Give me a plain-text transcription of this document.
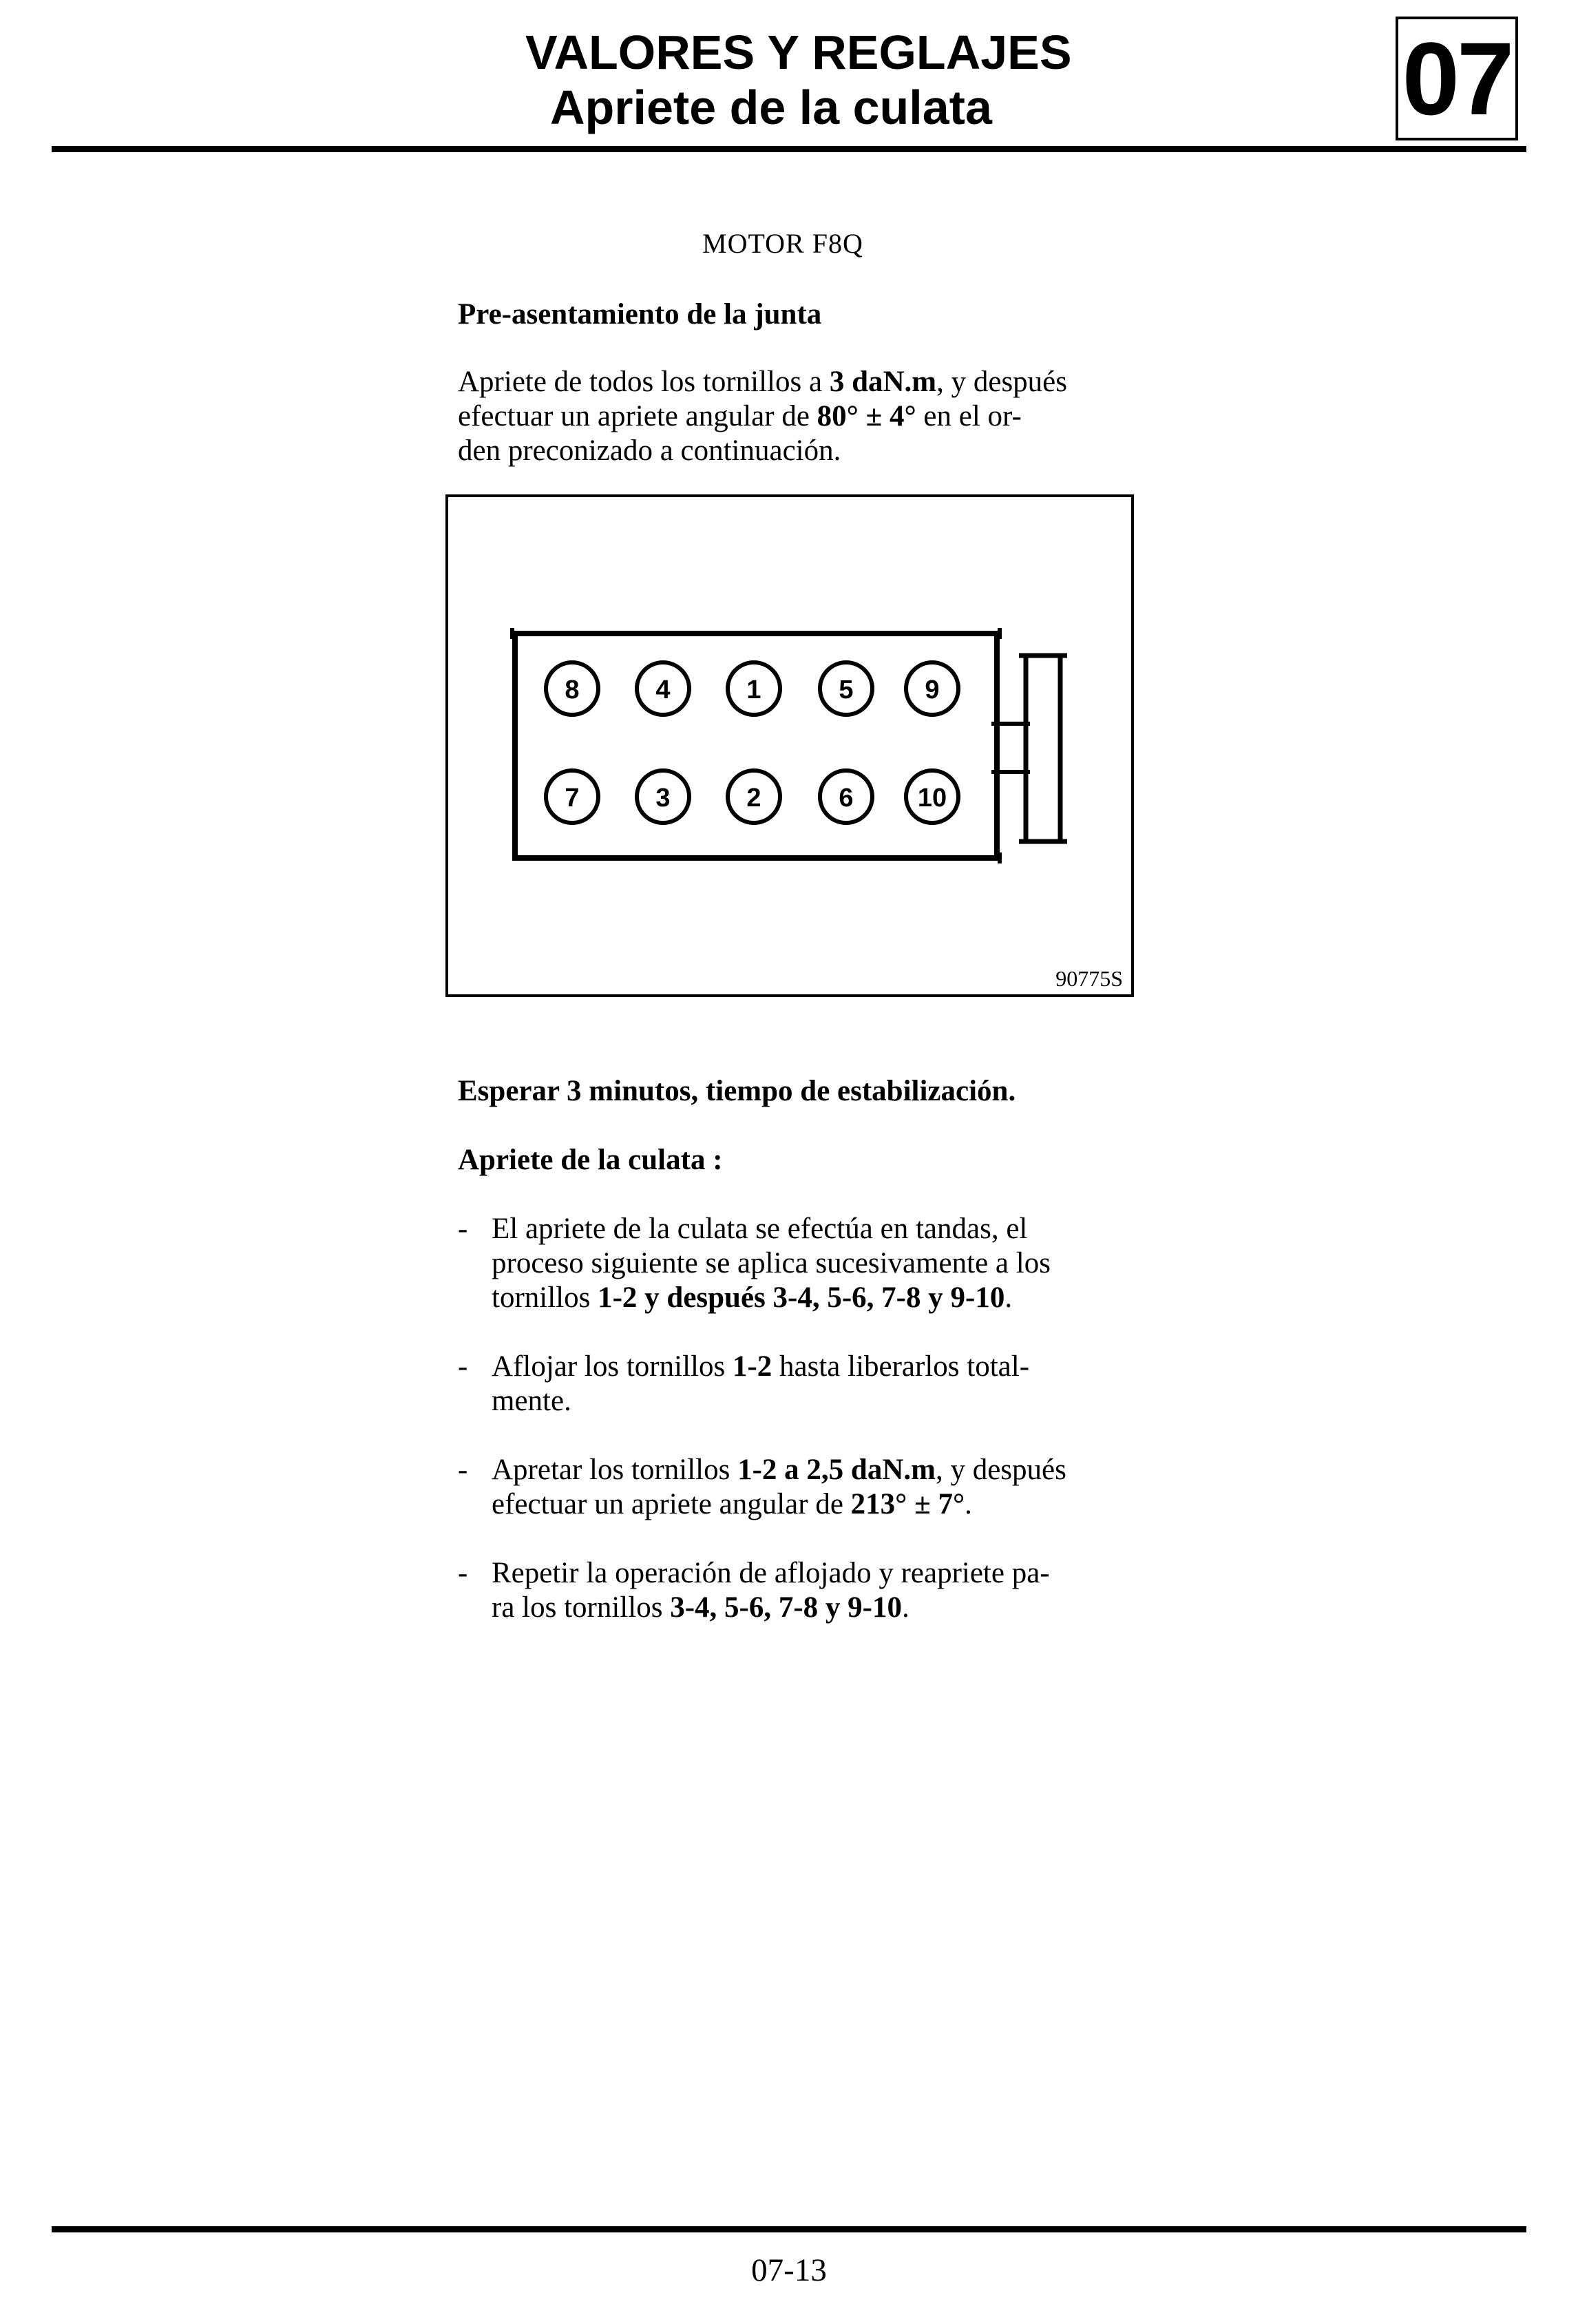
VALORES Y REGLAJES
Apriete de la culata	07
MOTOR F8Q
Pre-asentamiento de la junta

Apriete de todos los tornillos a 3 daN.m, y después

efectuar un apriete angular de 80° ± 4° en el or-

den preconizado a continuación.

8	4	1	5	9
7	3	2	6 10
90775S
Esperar 3 minutos, tiempo de estabilización.
Apriete de la culata :
- El apriete de la culata se efectúa en tandas, el
proceso siguiente se aplica sucesivamente a los
tornillos 1-2 y después 3-4, 5-6, 7-8 y 9-10.
- Aflojar los tornillos 1-2 hasta liberarlos total-
mente.
- Apretar los tornillos 1-2 a 2,5 daN.m, y después
efectuar un apriete angular de 213° ± 7°.
- Repetir la operación de aflojado y reapriete pa-
ra los tornillos 3-4, 5-6, 7-8 y 9-10.
07-13
